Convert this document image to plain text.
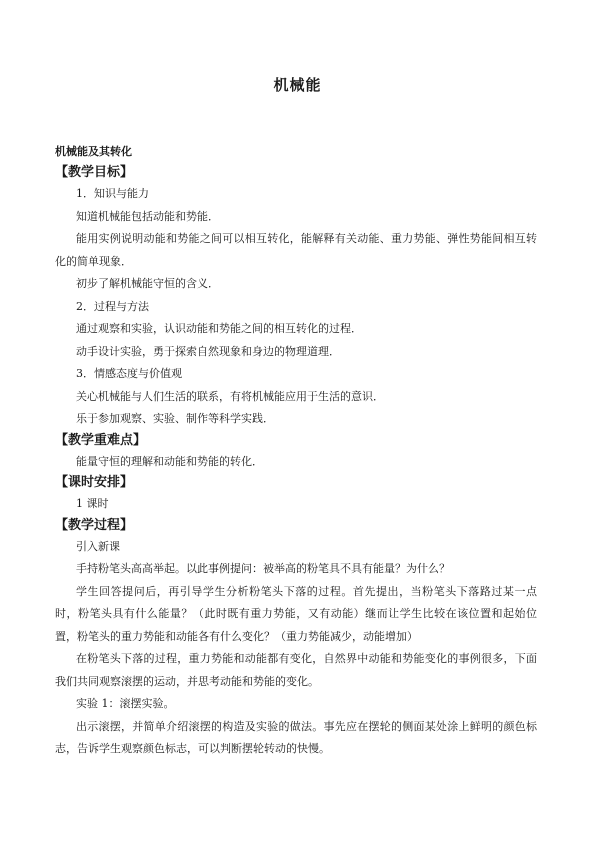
机械能
机械能及其转化
【教学目标】

1．知识与能力

知道机械能包括动能和势能．

能用实例说明动能和势能之间可以相互转化，能解释有关动能、重力势能、弹性势能间相互转化的简单现象．

初步了解机械能守恒的含义．

2．过程与方法

通过观察和实验，认识动能和势能之间的相互转化的过程．

动手设计实验，勇于探索自然现象和身边的物理道理．

3．情感态度与价值观

关心机械能与人们生活的联系，有将机械能应用于生活的意识．

乐于参加观察、实验、制作等科学实践．

【教学重难点】

能量守恒的理解和动能和势能的转化．

【课时安排】

1 课时

【教学过程】

引入新课

手持粉笔头高高举起。以此事例提问：被举高的粉笔具不具有能量？为什么？

学生回答提问后，再引导学生分析粉笔头下落的过程。首先提出，当粉笔头下落路过某一点时，粉笔头具有什么能量？（此时既有重力势能，又有动能）继而让学生比较在该位置和起始位置，粉笔头的重力势能和动能各有什么变化？（重力势能减少，动能增加）

在粉笔头下落的过程，重力势能和动能都有变化，自然界中动能和势能变化的事例很多，下面我们共同观察滚摆的运动，并思考动能和势能的变化。

实验 1：滚摆实验。

出示滚摆，并简单介绍滚摆的构造及实验的做法。事先应在摆轮的侧面某处涂上鲜明的颜色标志，告诉学生观察颜色标志，可以判断摆轮转动的快慢。
